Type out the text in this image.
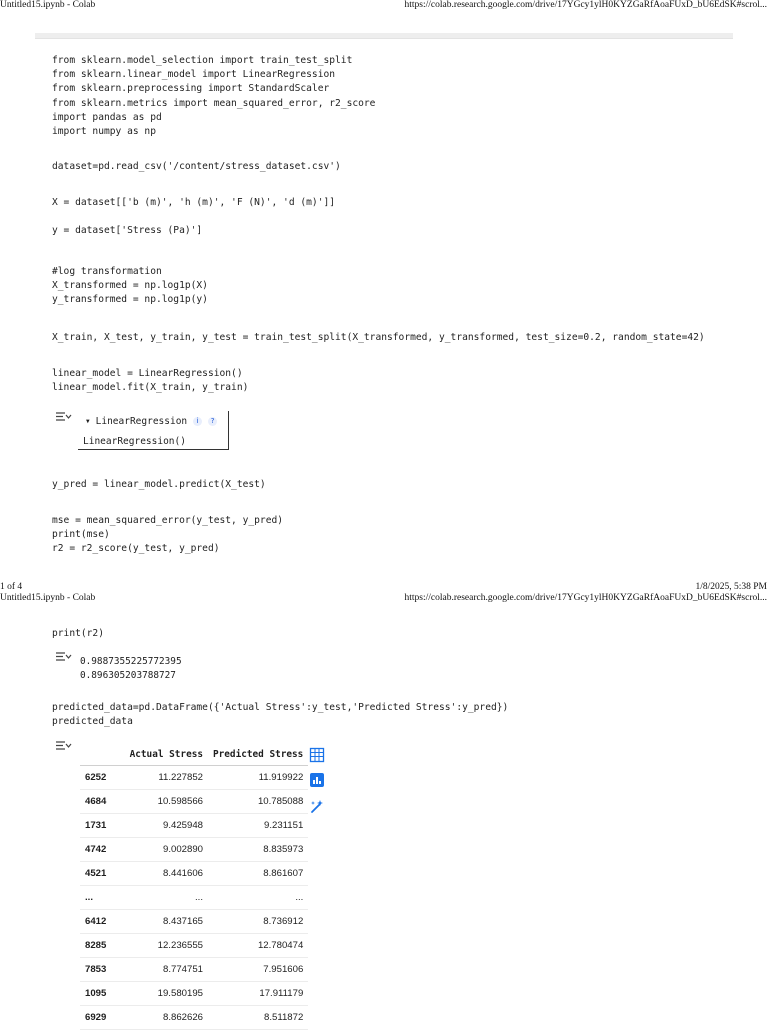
Untitled15.ipynb - Colab	https://colab.research.google.com/drive/17YGcy1ylH0KYZGaRfAoaFUxD_bU6EdSK#scrol...
from sklearn.model_selection import train_test_split
from sklearn.linear_model import LinearRegression
from sklearn.preprocessing import StandardScaler
from sklearn.metrics import mean_squared_error, r2_score
import pandas as pd
import numpy as np
dataset=pd.read_csv('/content/stress_dataset.csv')
X = dataset[['b (m)', 'h (m)', 'F (N)', 'd (m)']]
y = dataset['Stress (Pa)']
#log transformation
X_transformed = np.log1p(X)
y_transformed = np.log1p(y)
X_train, X_test, y_train, y_test = train_test_split(X_transformed, y_transformed, test_size=0.2, random_state=42)
linear_model = LinearRegression()
linear_model.fit(X_train, y_train)
▼ LinearRegression i ?
LinearRegression()
y_pred = linear_model.predict(X_test)
mse = mean_squared_error(y_test, y_pred)
print(mse)
r2 = r2_score(y_test, y_pred)
1 of 4	1/8/2025, 5:38 PM
Untitled15.ipynb - Colab	https://colab.research.google.com/drive/17YGcy1ylH0KYZGaRfAoaFUxD_bU6EdSK#scrol...
print(r2)
0.9887355225772395
0.896305203788727
predicted_data=pd.DataFrame({'Actual Stress':y_test,'Predicted Stress':y_pred})
predicted_data
	Actual Stress	Predicted Stress
6252	11.227852	11.919922
4684	10.598566	10.785088
1731	9.425948	9.231151
4742	9.002890	8.835973
4521	8.441606	8.861607
...	...	...
6412	8.437165	8.736912
8285	12.236555	12.780474
7853	8.774751	7.951606
1095	19.580195	17.911179
6929	8.862626	8.511872
